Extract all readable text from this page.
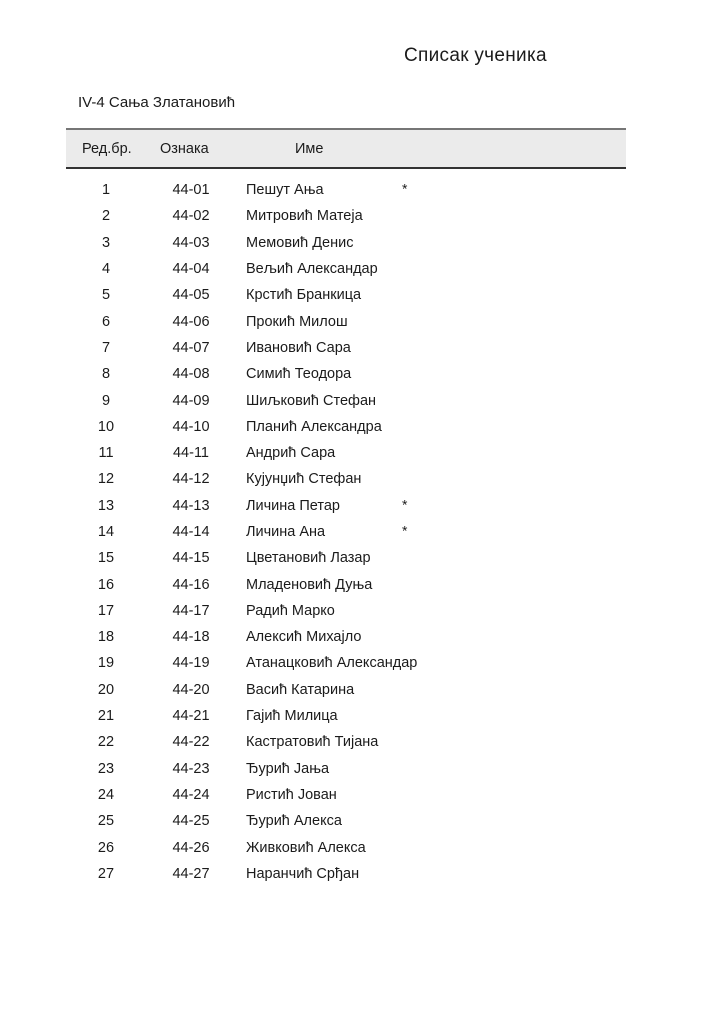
Списак ученика
IV-4 Сања Златановић
Ред.бр.	Ознака	Име
1	44-01	Пешут Ања	*
2	44-02	Митровић Матеја
3	44-03	Мемовић Денис
4	44-04	Вељић Александар
5	44-05	Крстић Бранкица
6	44-06	Прокић Милош
7	44-07	Ивановић Сара
8	44-08	Симић Теодора
9	44-09	Шиљковић Стефан
10	44-10	Планић Александра
11	44-11	Андрић Сара
12	44-12	Кујунџић Стефан
13	44-13	Личина Петар	*
14	44-14	Личина Ана	*
15	44-15	Цветановић Лазар
16	44-16	Младеновић Дуња
17	44-17	Радић Марко
18	44-18	Алексић Михајло
19	44-19	Атанацковић Александар
20	44-20	Васић Катарина
21	44-21	Гајић Милица
22	44-22	Кастратовић Тијана
23	44-23	Ђурић Јања
24	44-24	Ристић Јован
25	44-25	Ђурић Алекса
26	44-26	Живковић Алекса
27	44-27	Наранчић Срђан
